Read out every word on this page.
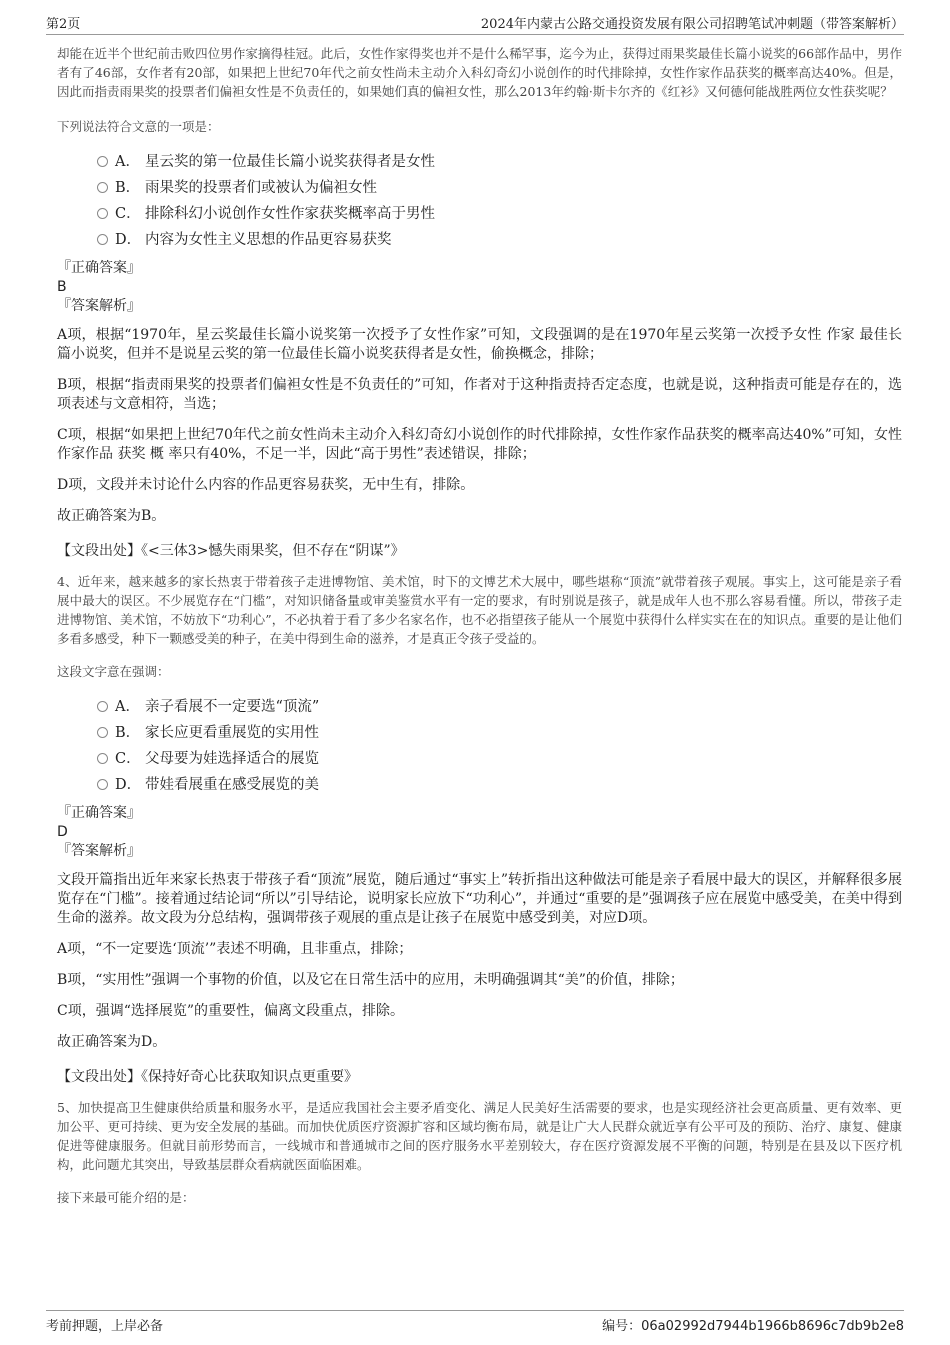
第2页	2024年内蒙古公路交通投资发展有限公司招聘笔试冲刺题（带答案解析）

却能在近半个世纪前击败四位男作家摘得桂冠。此后，女性作家得奖也并不是什么稀罕事，迄今为止，获得过雨果奖最佳长篇小说奖的66部作品中，男作者有了46部，女作者有20部，如果把上世纪70年代之前女性尚未主动介入科幻奇幻小说创作的时代排除掉，女性作家作品获奖的概率高达40%。但是，因此而指责雨果奖的投票者们偏袒女性是不负责任的，如果她们真的偏袒女性，那么2013年约翰·斯卡尔齐的《红衫》又何德何能战胜两位女性获奖呢？

下列说法符合文意的一项是：

A． 星云奖的第一位最佳长篇小说奖获得者是女性
B． 雨果奖的投票者们或被认为偏袒女性
C． 排除科幻小说创作女性作家获奖概率高于男性
D． 内容为女性主义思想的作品更容易获奖

『正确答案』

B

『答案解析』

A项，根据“1970年，星云奖最佳长篇小说奖第一次授予了女性作家”可知，文段强调的是在1970年星云奖第一次授予女性 作家 最佳长篇小说奖，但并不是说星云奖的第一位最佳长篇小说奖获得者是女性，偷换概念，排除；

B项，根据“指责雨果奖的投票者们偏袒女性是不负责任的”可知，作者对于这种指责持否定态度，也就是说，这种指责可能是存在的，选项表述与文意相符，当选；

C项，根据“如果把上世纪70年代之前女性尚未主动介入科幻奇幻小说创作的时代排除掉，女性作家作品获奖的概率高达40%”可知，女性 作家作品 获奖 概 率只有40%，不足一半，因此“高于男性”表述错误，排除；

D项，文段并未讨论什么内容的作品更容易获奖，无中生有，排除。

故正确答案为B。

【文段出处】《<三体3>憾失雨果奖，但不存在“阴谋”》

4、近年来，越来越多的家长热衷于带着孩子走进博物馆、美术馆，时下的文博艺术大展中，哪些堪称“顶流”就带着孩子观展。事实上，这可能是亲子看展中最大的误区。不少展览存在“门槛”，对知识储备量或审美鉴赏水平有一定的要求，有时别说是孩子，就是成年人也不那么容易看懂。所以，带孩子走进博物馆、美术馆，不妨放下“功利心”，不必执着于看了多少名家名作，也不必指望孩子能从一个展览中获得什么样实实在在的知识点。重要的是让他们多看多感受，种下一颗感受美的种子，在美中得到生命的滋养，才是真正令孩子受益的。

这段文字意在强调：

A． 亲子看展不一定要选“顶流”
B． 家长应更看重展览的实用性
C． 父母要为娃选择适合的展览
D． 带娃看展重在感受展览的美

『正确答案』

D

『答案解析』

文段开篇指出近年来家长热衷于带孩子看“顶流”展览，随后通过“事实上”转折指出这种做法可能是亲子看展中最大的误区，并解释很多展览存在“门槛”。接着通过结论词“所以”引导结论，说明家长应放下“功利心”，并通过“重要的是”强调孩子应在展览中感受美，在美中得到生命的滋养。故文段为分总结构，强调带孩子观展的重点是让孩子在展览中感受到美，对应D项。

A项，“不一定要选‘顶流’”表述不明确，且非重点，排除；

B项，“实用性”强调一个事物的价值，以及它在日常生活中的应用，未明确强调其“美”的价值，排除；

C项，强调“选择展览”的重要性，偏离文段重点，排除。

故正确答案为D。

【文段出处】《保持好奇心比获取知识点更重要》

5、加快提高卫生健康供给质量和服务水平，是适应我国社会主要矛盾变化、满足人民美好生活需要的要求，也是实现经济社会更高质量、更有效率、更加公平、更可持续、更为安全发展的基础。而加快优质医疗资源扩容和区域均衡布局，就是让广大人民群众就近享有公平可及的预防、治疗、康复、健康促进等健康服务。但就目前形势而言，一线城市和普通城市之间的医疗服务水平差别较大，存在医疗资源发展不平衡的问题，特别是在县及以下医疗机构，此问题尤其突出，导致基层群众看病就医面临困难。

接下来最可能介绍的是：

考前押题，上岸必备	编号：06a02992d7944b1966b8696c7db9b2e8
